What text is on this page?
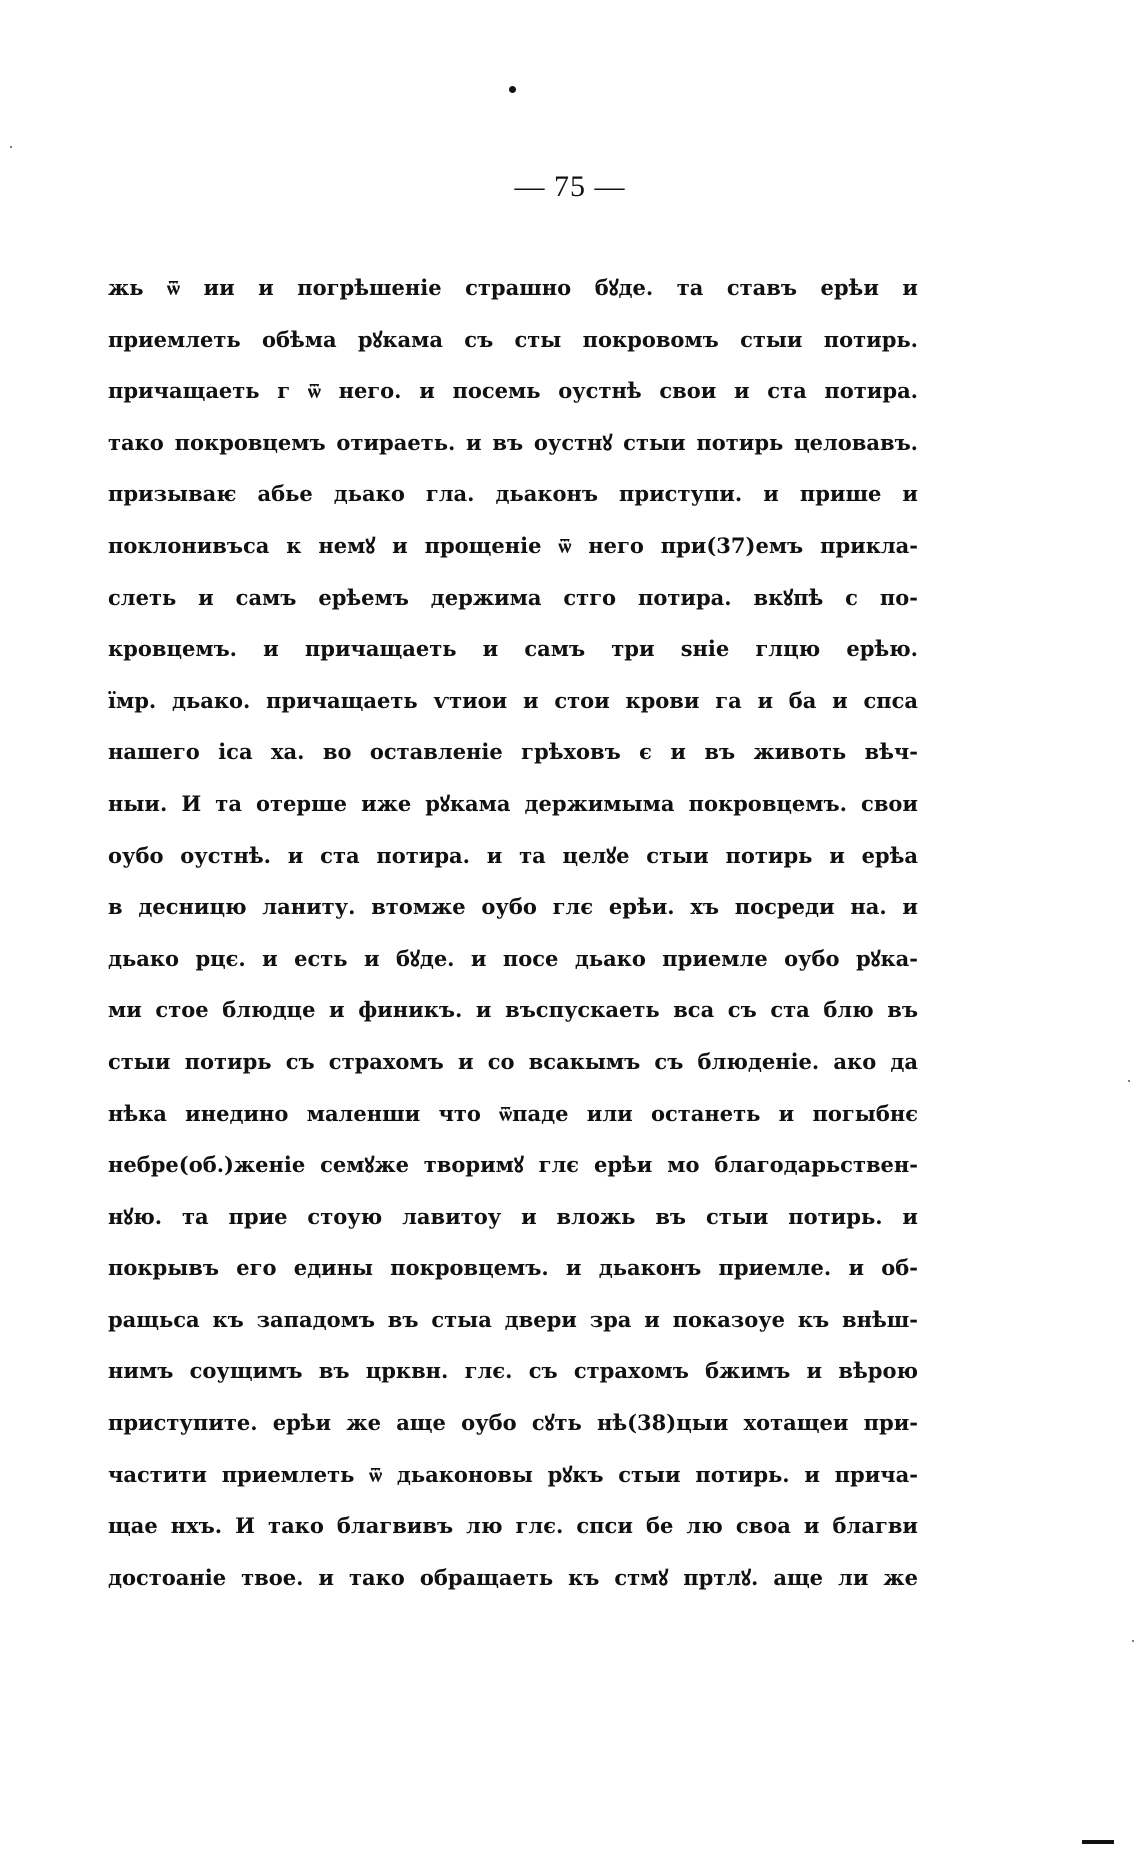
— 75 —
жь ѿ ии и погрѣшеніе страшно бꙋде. та ставъ ерѣи и
приемлеть обѣма рꙋкама съ сты покровомъ стыи потирь.
причащаеть г ѿ него. и посемь оустнѣ свои и ста потира.
тако покровцемъ отираеть. и въ оустнꙋ стыи потирь целовавъ.
призываѥ абье дьако гла. дьаконъ приступи. и прише и
поклонивъса к немꙋ и прощеніе ѿ него при(37)емъ прикла-
слеть и самъ ерѣемъ держима стго потира. вкꙋпѣ с по-
кровцемъ. и причащаеть и самъ три ѕніе глцю ерѣю.
їмр. дьако. причащаеть ѵтиои и стои крови га и ба и спса
нашего іса ха. во оставленіе грѣховъ є и въ животь вѣч-
ныи. И та отерше иже рꙋкама держимыма покровцемъ. свои
оубо оустнѣ. и ста потира. и та целꙋе стыи потирь и ерѣа
в десницю ланиту. втомже оубо глє ерѣи. хъ посреди на. и
дьако рцє. и есть и бꙋде. и посе дьако приемле оубо рꙋка-
ми стое блюдце и финикъ. и въспускаеть вса съ ста блю въ
стыи потирь съ страхомъ и со всакымъ съ блюденіе. ако да
нѣка инедино маленши что ѿпаде или останеть и погыбнє
небре(об.)женіе семꙋже творимꙋ глє ерѣи мо благодарьствен-
нꙋю. та прие стоую лавитоу и вложь въ стыи потирь. и
покрывъ его едины покровцемъ. и дьаконъ приемле. и об-
ращьса къ западомъ въ стыа двери зра и показоуе къ внѣш-
нимъ соущимъ въ црквн. глє. съ страхомъ бжимъ и вѣрою
приступите. ерѣи же аще оубо сꙋть нѣ(38)цыи хотащеи при-
частити приемлеть ѿ дьаконовы рꙋкъ стыи потирь. и прича-
щае нхъ. И тако благвивъ лю глє. спси бе лю своа и благви
достоаніе твое. и тако обращаеть къ стмꙋ пртлꙋ. аще ли же
